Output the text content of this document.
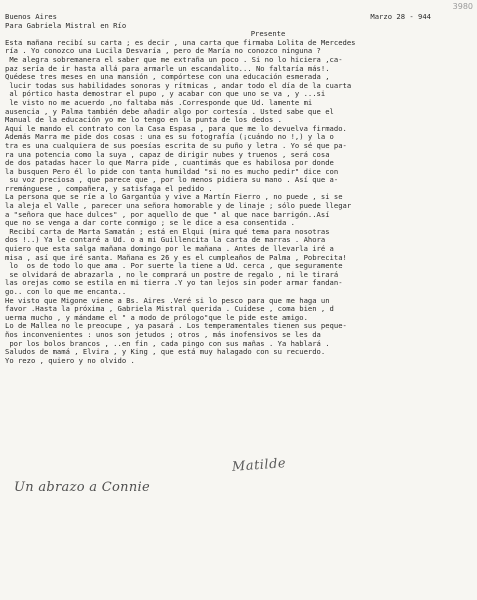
3980
Buenos Aires	Marzo 28 - 944
Para Gabriela Mistral en Río
Presente
Esta mañana recibí su carta ; es decir , una carta que firmaba Lolita de Mercedes
ría . Yo conozco una Lucila Desvaría , pero de María no conozco ninguna ?
Me alegra sobremanera el saber que me extraña un poco . Si no lo hiciera ,ca-
paz sería de ir hasta allá para armarle un escandalito... No faltaría más!.
Quédese tres meses en una mansión , compórtese con una educación esmerada ,
lucir todas sus habilidades sonoras y rítmicas , andar todo el día de la cuarta
al pórtico hasta demostrar el pupo , y acabar con que uno se va , y ...si
le visto no me acuerdo ,no faltaba más .Corresponde que Ud. lamente mi
ausencia , y Palma también debe añadir algo por cortesía . Usted sabe que el
Manual de la educación yo me lo tengo en la punta de los dedos .
Aquí le mando el contrato con la Casa Espasa , para que me lo devuelva firmado.
Además Marra me pide dos cosas : una es su fotografía (¡cuándo no !,) y la o
tra es una cualquiera de sus poesías escrita de su puño y letra . Yo sé que pa-
ra una potencia como la suya , capaz de dirigir nubes y truenos , será cosa
de dos patadas hacer lo que Marra pide , cuantimás que es habilosa por donde
la busquen Pero él lo pide con tanta humildad "si no es mucho pedir" dice con
su voz preciosa , que parece que , por lo menos pidiera su mano . Así que a-
rremánguese , compañera, y satisfaga el pedido .
La persona que se ríe a lo Gargantúa y vive a Martín Fierro , no puede , si se
la aleja el Valle , parecer una señora homorable y de linaje ; sólo puede llegar
a "señora que hace dulces" , por aquello de que " al que nace barrigón..Así
que no se venga a dar corte conmigo ; se le dice a esa consentida .
Recibí carta de Marta Samatán ; está en Elqui (mira qué tema para nosotras
dos !..) Ya le contaré a Ud. o a mi Guillencita la carta de marras . Ahora
quiero que esta salga mañana domingo por le mañana . Antes de llevarla iré a
misa , así que iré santa. Mañana es 26 y es el cumpleaños de Palma , Pobrecita!
lo  os de todo lo que ama . Por suerte la tiene a Ud. cerca , que seguramente
se olvidará de abrazarla , no le comprará un postre de regalo , ni le tirará
las orejas como se estila en mi tierra .Y yo tan lejos sin poder armar fandan-
go.. con lo que me encanta..
He visto que Migone viene a Bs. Aires .Veré si lo pesco para que me haga un
favor .Hasta la próxima , Gabriela Mistral querida . Cuídese , coma bien , d
uerma mucho , y mándame el " a modo de prólogo"que le pide este amigo.
Lo de Mallea no le preocupe , ya pasará . Los temperamentales tienen sus peque-
ños inconvenientes : unos son jetudos ; otros , más inofensivos se les da
por los bolos brancos , ..en fin , cada pingo con sus mañas . Ya hablará .
Saludos de mamá , Elvira , y King , que está muy halagado con su recuerdo.
Yo rezo , quiero y no olvido .
Matilde
Un abrazo a Connie
